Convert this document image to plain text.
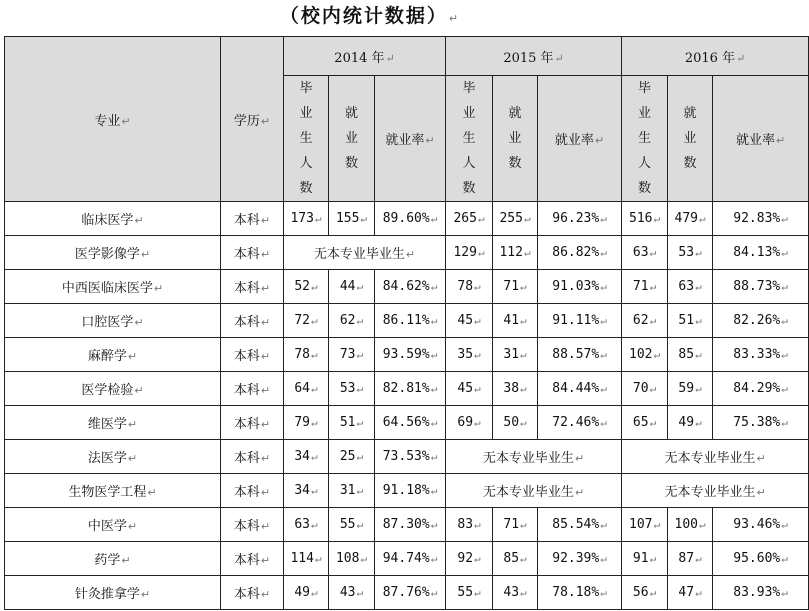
（校内统计数据）↵
专业↵	学历↵	2014 年↵			2015 年↵			2016 年↵		

		毕
业
生
人
数	就
业
数	就业率↵	毕
业
生
人
数	就
业
数	就业率↵	毕
业
生
人
数	就
业
数	就业率↵
临床医学↵	本科↵	173↵	155↵	89.60%↵	265↵	255↵	96.23%↵	516↵	479↵	92.83%↵
医学影像学↵	本科↵	无本专业毕业生↵			129↵	112↵	86.82%↵	63↵	53↵	84.13%↵
中西医临床医学↵	本科↵	52↵	44↵	84.62%↵	78↵	71↵	91.03%↵	71↵	63↵	88.73%↵
口腔医学↵	本科↵	72↵	62↵	86.11%↵	45↵	41↵	91.11%↵	62↵	51↵	82.26%↵
麻醉学↵	本科↵	78↵	73↵	93.59%↵	35↵	31↵	88.57%↵	102↵	85↵	83.33%↵
医学检验↵	本科↵	64↵	53↵	82.81%↵	45↵	38↵	84.44%↵	70↵	59↵	84.29%↵
维医学↵	本科↵	79↵	51↵	64.56%↵	69↵	50↵	72.46%↵	65↵	49↵	75.38%↵
法医学↵	本科↵	34↵	25↵	73.53%↵	无本专业毕业生↵			无本专业毕业生↵		
生物医学工程↵	本科↵	34↵	31↵	91.18%↵	无本专业毕业生↵			无本专业毕业生↵		
中医学↵	本科↵	63↵	55↵	87.30%↵	83↵	71↵	85.54%↵	107↵	100↵	93.46%↵
药学↵	本科↵	114↵	108↵	94.74%↵	92↵	85↵	92.39%↵	91↵	87↵	95.60%↵
针灸推拿学↵	本科↵	49↵	43↵	87.76%↵	55↵	43↵	78.18%↵	56↵	47↵	83.93%↵
